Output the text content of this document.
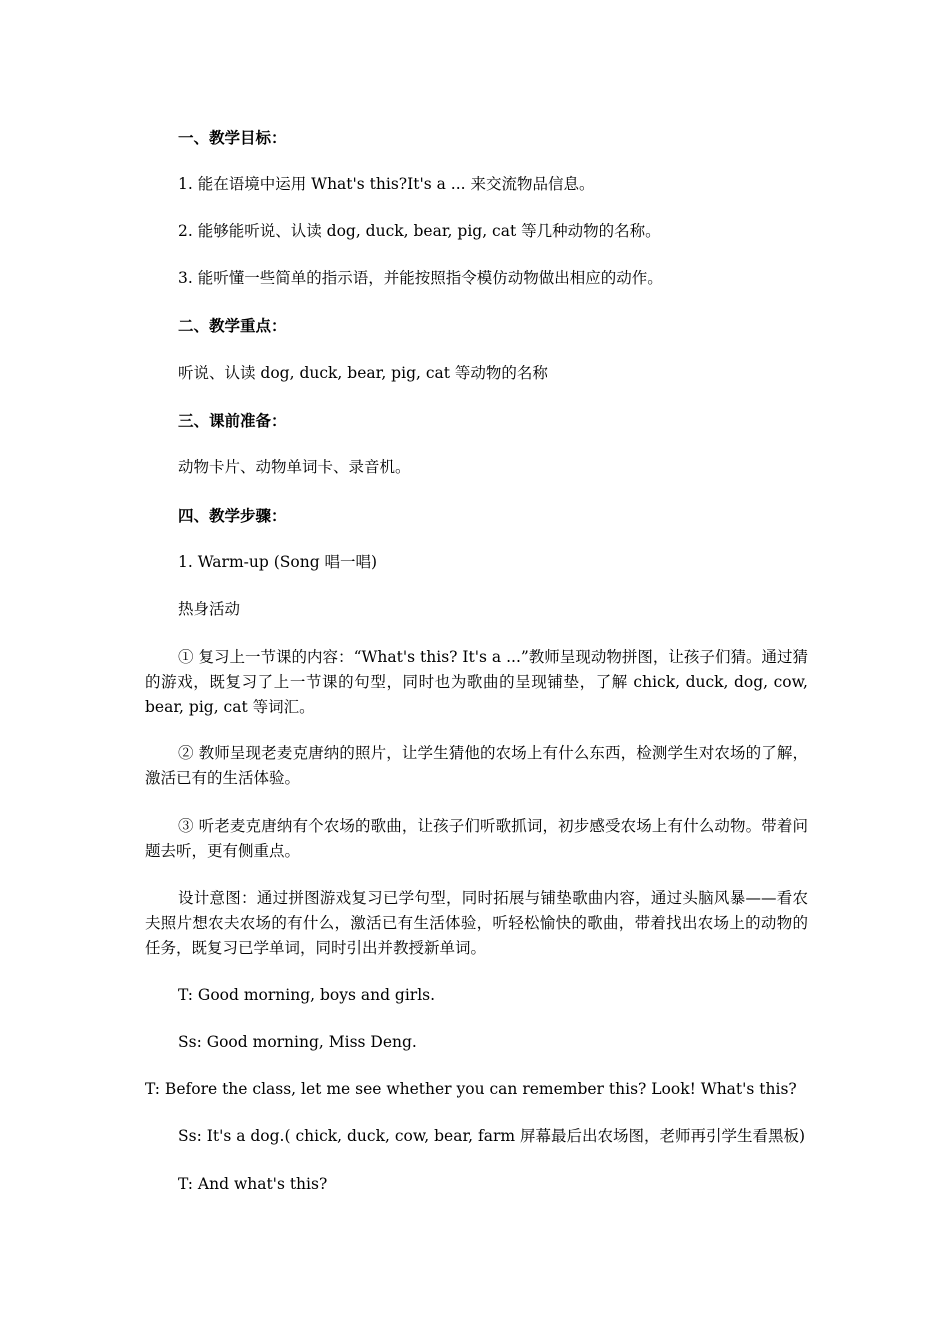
一、教学目标：
1. 能在语境中运用 What's this?It's a ... 来交流物品信息。
2. 能够能听说、认读 dog, duck, bear, pig, cat 等几种动物的名称。
3. 能听懂一些简单的指示语，并能按照指令模仿动物做出相应的动作。
二、教学重点：
听说、认读 dog, duck, bear, pig, cat 等动物的名称
三、课前准备：
动物卡片、动物单词卡、录音机。
四、教学步骤：
1. Warm-up (Song 唱一唱)
热身活动
① 复习上一节课的内容：“What's this? It's a ...”教师呈现动物拼图，让孩子们猜。通过猜的游戏，既复习了上一节课的句型，同时也为歌曲的呈现铺垫，了解 chick, duck, dog, cow, bear, pig, cat 等词汇。
② 教师呈现老麦克唐纳的照片，让学生猜他的农场上有什么东西，检测学生对农场的了解，激活已有的生活体验。
③ 听老麦克唐纳有个农场的歌曲，让孩子们听歌抓词，初步感受农场上有什么动物。带着问题去听，更有侧重点。
设计意图：通过拼图游戏复习已学句型，同时拓展与铺垫歌曲内容，通过头脑风暴——看农夫照片想农夫农场的有什么，激活已有生活体验，听轻松愉快的歌曲，带着找出农场上的动物的任务，既复习已学单词，同时引出并教授新单词。
T: Good morning, boys and girls.
Ss: Good morning, Miss Deng.
T: Before the class, let me see whether you can remember this? Look! What's this?
Ss: It's a dog.( chick, duck, cow, bear, farm 屏幕最后出农场图，老师再引学生看黑板)
T: And what's this?
